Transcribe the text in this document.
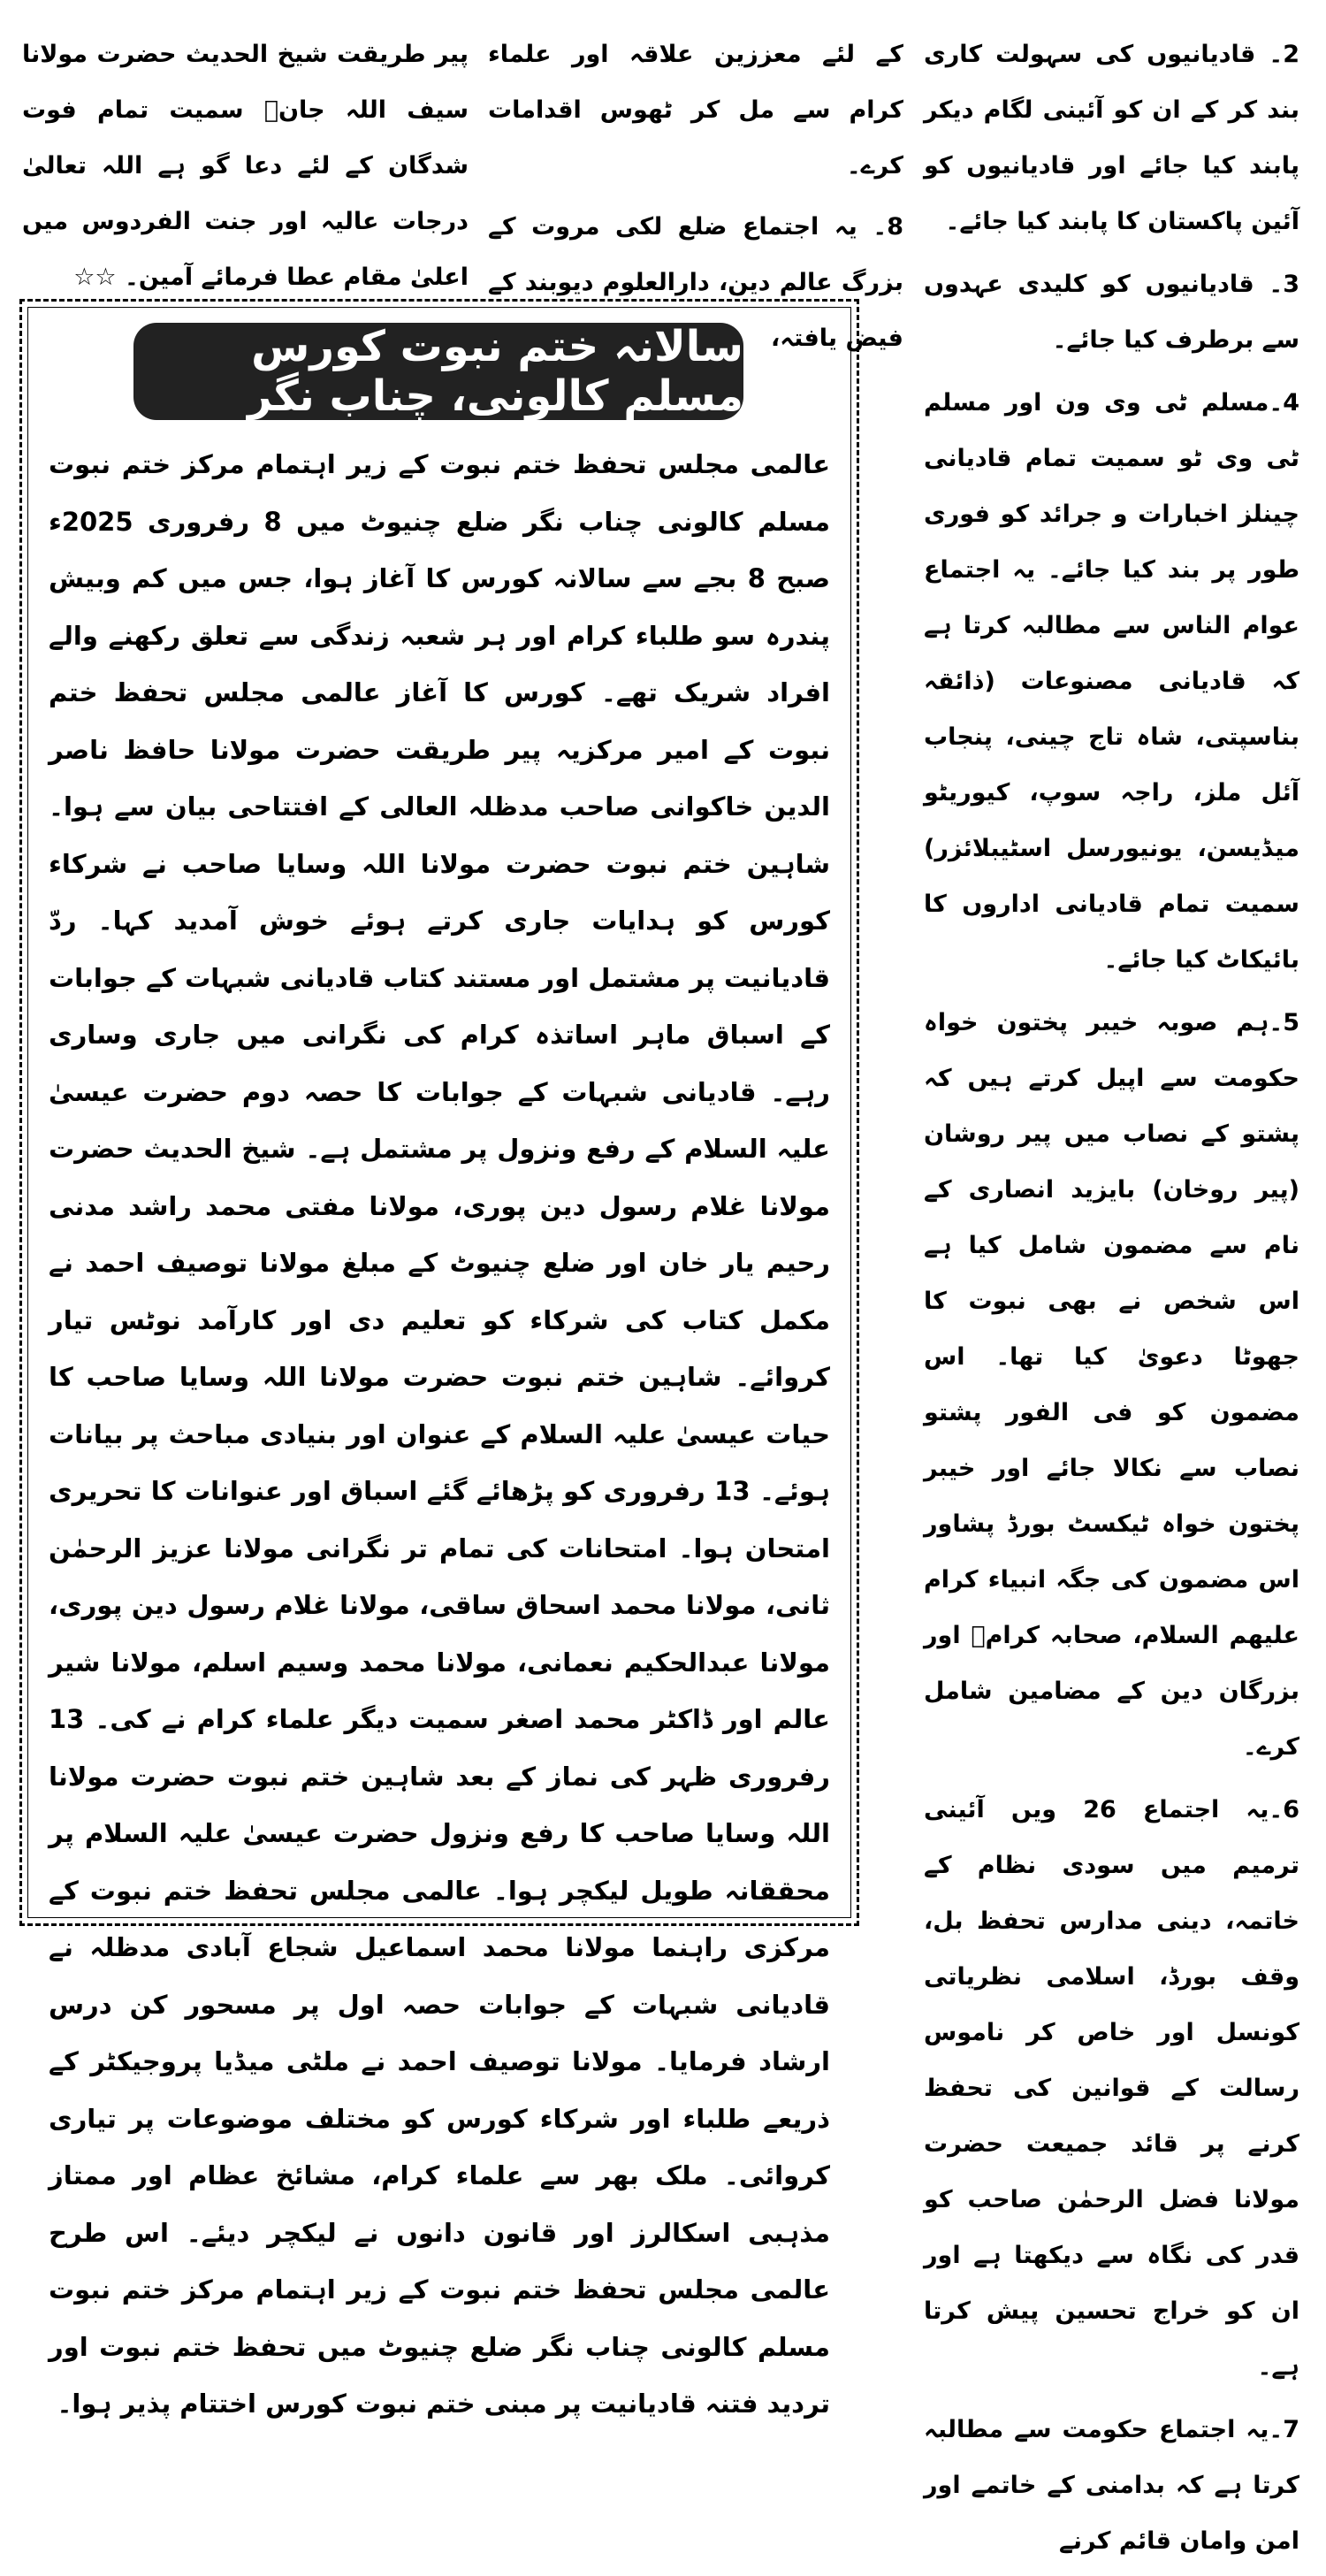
2۔ قادیانیوں کی سہولت کاری بند کر کے ان کو آئینی لگام دیکر پابند کیا جائے اور قادیانیوں کو آئین پاکستان کا پابند کیا جائے۔

3۔ قادیانیوں کو کلیدی عہدوں سے برطرف کیا جائے۔

4۔مسلم ٹی وی ون اور مسلم ٹی وی ٹو سمیت تمام قادیانی چینلز اخبارات و جرائد کو فوری طور پر بند کیا جائے۔ یہ اجتماع عوام الناس سے مطالبہ کرتا ہے کہ قادیانی مصنوعات (ذائقہ بناسپتی، شاہ تاج چینی، پنجاب آئل ملز، راجہ سوپ، کیوریٹو میڈیسن، یونیورسل اسٹیبلائزر) سمیت تمام قادیانی اداروں کا بائیکاٹ کیا جائے۔

5۔ہم صوبہ خیبر پختون خواہ حکومت سے اپیل کرتے ہیں کہ پشتو کے نصاب میں پیر روشان (پیر روخان) بایزید انصاری کے نام سے مضمون شامل کیا ہے اس شخص نے بھی نبوت کا جھوٹا دعویٰ کیا تھا۔ اس مضمون کو فی الفور پشتو نصاب سے نکالا جائے اور خیبر پختون خواہ ٹیکسٹ بورڈ پشاور اس مضمون کی جگہ انبیاء کرام علیھم السلام، صحابہ کرامؓ اور بزرگان دین کے مضامین شامل کرے۔

6۔یہ اجتماع 26 ویں آئینی ترمیم میں سودی نظام کے خاتمہ، دینی مدارس تحفظ بل، وقف بورڈ، اسلامی نظریاتی کونسل اور خاص کر ناموس رسالت کے قوانین کی تحفظ کرنے پر قائد جمیعت حضرت مولانا فضل الرحمٰن صاحب کو قدر کی نگاہ سے دیکھتا ہے اور ان کو خراج تحسین پیش کرتا ہے۔

7۔یہ اجتماع حکومت سے مطالبہ کرتا ہے کہ بدامنی کے خاتمے اور امن وامان قائم کرنے

کے لئے معززین علاقہ اور علماء کرام سے مل کر ٹھوس اقدامات کرے۔

8۔ یہ اجتماع ضلع لکی مروت کے بزرگ عالم دین، دارالعلوم دیوبند کے فیض یافتہ،

پیر طریقت شیخ الحدیث حضرت مولانا سیف اللہ جانؒ سمیت تمام فوت شدگان کے لئے دعا گو ہے اللہ تعالیٰ درجات عالیہ اور جنت الفردوس میں اعلیٰ مقام عطا فرمائے آمین۔ ☆☆

سالانہ ختم نبوت کورس مسلم کالونی، چناب نگر

عالمی مجلس تحفظ ختم نبوت کے زیر اہتمام مرکز ختم نبوت مسلم کالونی چناب نگر ضلع چنیوٹ میں 8 رفروری 2025ء صبح 8 بجے سے سالانہ کورس کا آغاز ہوا، جس میں کم وبیش پندرہ سو طلباء کرام اور ہر شعبہ زندگی سے تعلق رکھنے والے افراد شریک تھے۔ کورس کا آغاز عالمی مجلس تحفظ ختم نبوت کے امیر مرکزیہ پیر طریقت حضرت مولانا حافظ ناصر الدین خاکوانی صاحب مدظلہ العالی کے افتتاحی بیان سے ہوا۔ شاہین ختم نبوت حضرت مولانا اللہ وسایا صاحب نے شرکاء کورس کو ہدایات جاری کرتے ہوئے خوش آمدید کہا۔ ردّ قادیانیت پر مشتمل اور مستند کتاب قادیانی شبہات کے جوابات کے اسباق ماہر اساتذہ کرام کی نگرانی میں جاری وساری رہے۔ قادیانی شبہات کے جوابات کا حصہ دوم حضرت عیسیٰ علیہ السلام کے رفع ونزول پر مشتمل ہے۔ شیخ الحدیث حضرت مولانا غلام رسول دین پوری، مولانا مفتی محمد راشد مدنی رحیم یار خان اور ضلع چنیوٹ کے مبلغ مولانا توصیف احمد نے مکمل کتاب کی شرکاء کو تعلیم دی اور کارآمد نوٹس تیار کروائے۔ شاہین ختم نبوت حضرت مولانا اللہ وسایا صاحب کا حیات عیسیٰ علیہ السلام کے عنوان اور بنیادی مباحث پر بیانات ہوئے۔ 13 رفروری کو پڑھائے گئے اسباق اور عنوانات کا تحریری امتحان ہوا۔ امتحانات کی تمام تر نگرانی مولانا عزیز الرحمٰن ثانی، مولانا محمد اسحاق ساقی، مولانا غلام رسول دین پوری، مولانا عبدالحکیم نعمانی، مولانا محمد وسیم اسلم، مولانا شیر عالم اور ڈاکٹر محمد اصغر سمیت دیگر علماء کرام نے کی۔ 13 رفروری ظہر کی نماز کے بعد شاہین ختم نبوت حضرت مولانا اللہ وسایا صاحب کا رفع ونزول حضرت عیسیٰ علیہ السلام پر محققانہ طویل لیکچر ہوا۔ عالمی مجلس تحفظ ختم نبوت کے مرکزی راہنما مولانا محمد اسماعیل شجاع آبادی مدظلہ نے قادیانی شبہات کے جوابات حصہ اول پر مسحور کن درس ارشاد فرمایا۔ مولانا توصیف احمد نے ملٹی میڈیا پروجیکٹر کے ذریعے طلباء اور شرکاء کورس کو مختلف موضوعات پر تیاری کروائی۔ ملک بھر سے علماء کرام، مشائخ عظام اور ممتاز مذہبی اسکالرز اور قانون دانوں نے لیکچر دیئے۔ اس طرح عالمی مجلس تحفظ ختم نبوت کے زیر اہتمام مرکز ختم نبوت مسلم کالونی چناب نگر ضلع چنیوٹ میں تحفظ ختم نبوت اور تردید فتنہ قادیانیت پر مبنی ختم نبوت کورس اختتام پذیر ہوا۔
